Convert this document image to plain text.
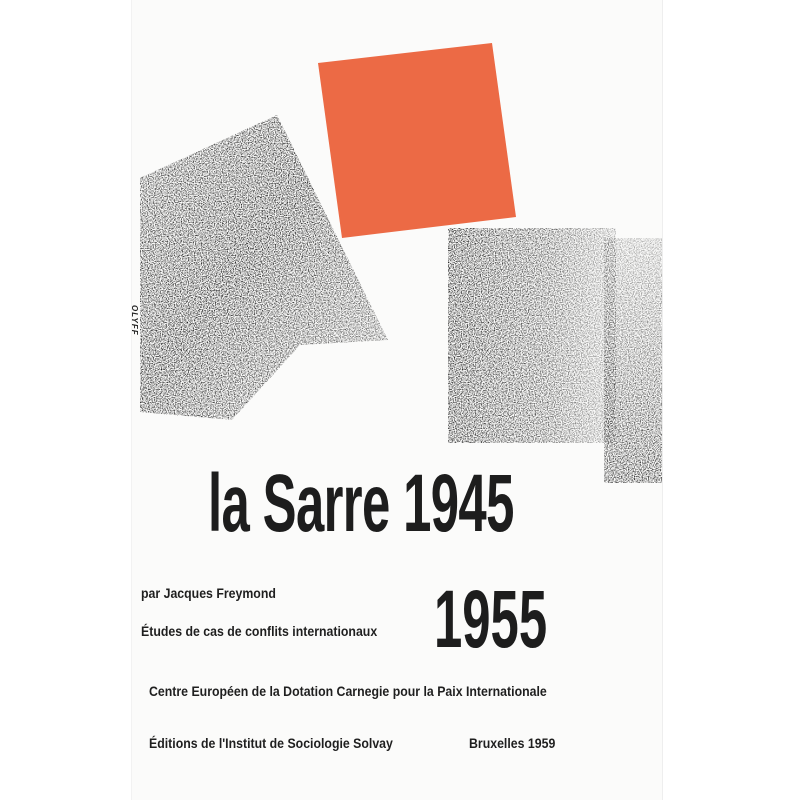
OLYFF
la Sarre 1945
1955
par Jacques Freymond
Études de cas de conflits internationaux
Centre Européen de la Dotation Carnegie pour la Paix Internationale
Éditions de l'Institut de Sociologie Solvay	Bruxelles 1959
